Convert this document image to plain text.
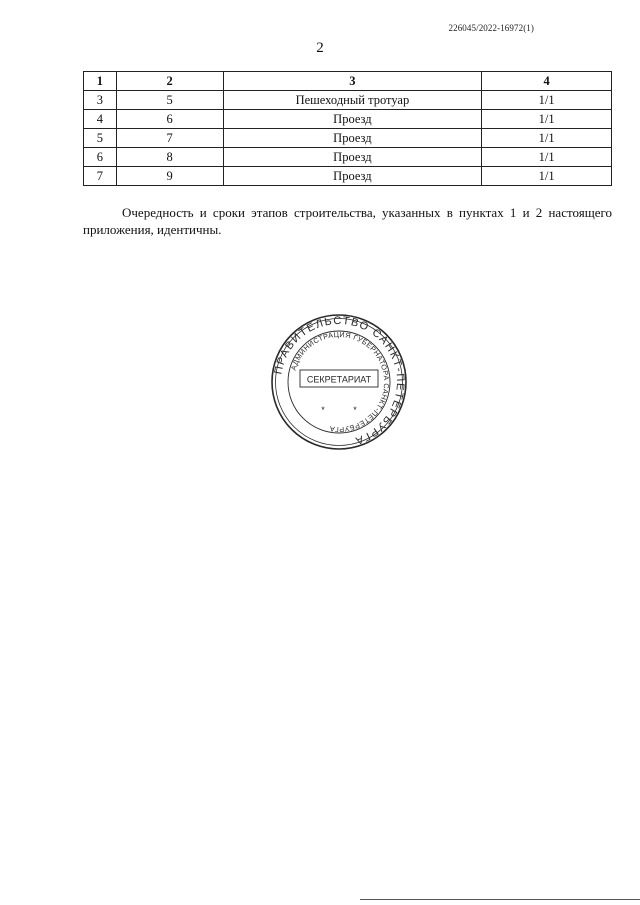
226045/2022-16972(1)
2
1	2	3	4
3	5	Пешеходный тротуар	1/1
4	6	Проезд	1/1
5	7	Проезд	1/1
6	8	Проезд	1/1
7	9	Проезд	1/1
Очередность и сроки этапов строительства, указанных в пунктах 1 и 2 настоящего приложения, идентичны.
ПРАВИТЕЛЬСТВО САНКТ-ПЕТЕРБУРГА
АДМИНИСТРАЦИЯ ГУБЕРНАТОРА САНКТ-ПЕТЕРБУРГА
СЕКРЕТАРИАТ
*	*
